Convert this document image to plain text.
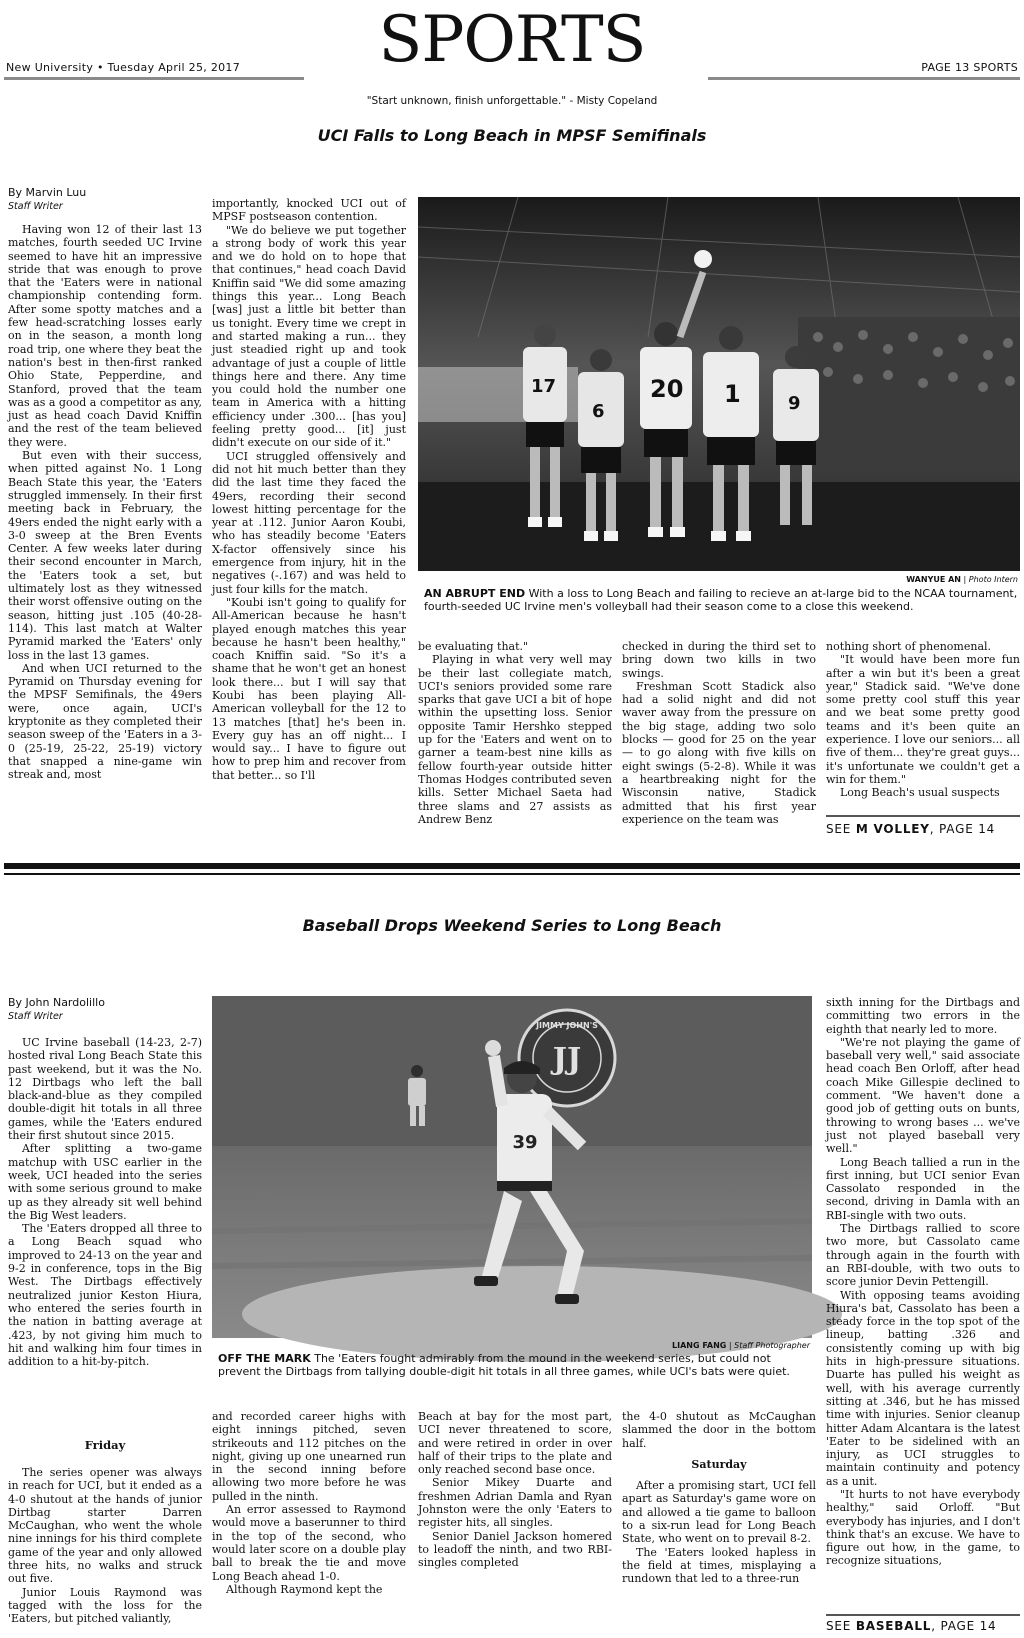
New University • Tuesday April 25, 2017	SPORTS
"Start unknown, finish unforgettable." - Misty Copeland
PAGE 13 SPORTS
UCI Falls to Long Beach in MPSF Semifinals
By Marvin Luu
Staff Writer

Having won 12 of their last 13 matches, fourth seeded UC Irvine seemed to have hit an impressive stride that was enough to prove that the 'Eaters were in national championship contending form. After some spotty matches and a few head-scratching losses early on in the season, a month long road trip, one where they beat the nation's best in then-first ranked Ohio State, Pepperdine, and Stanford, proved that the team was as a good a competitor as any, just as head coach David Kniffin and the rest of the team believed they were.

But even with their success, when pitted against No. 1 Long Beach State this year, the 'Eaters struggled immensely. In their first meeting back in February, the 49ers ended the night early with a 3-0 sweep at the Bren Events Center. A few weeks later during their second encounter in March, the 'Eaters took a set, but ultimately lost as they witnessed their worst offensive outing on the season, hitting just .105 (40-28-114). This last match at Walter Pyramid marked the 'Eaters' only loss in the last 13 games.

And when UCI returned to the Pyramid on Thursday evening for the MPSF Semifinals, the 49ers were, once again, UCI's kryptonite as they completed their season sweep of the 'Eaters in a 3-0 (25-19, 25-22, 25-19) victory that snapped a nine-game win streak and, most

importantly, knocked UCI out of MPSF postseason contention.

"We do believe we put together a strong body of work this year and we do hold on to hope that that continues," head coach David Kniffin said "We did some amazing things this year... Long Beach [was] just a little bit better than us tonight. Every time we crept in and started making a run... they just steadied right up and took advantage of just a couple of little things here and there. Any time you could hold the number one team in America with a hitting efficiency under .300... [has you] feeling pretty good... [it] just didn't execute on our side of it."

UCI struggled offensively and did not hit much better than they did the last time they faced the 49ers, recording their second lowest hitting percentage for the year at .112. Junior Aaron Koubi, who has steadily become 'Eaters X-factor offensively since his emergence from injury, hit in the negatives (-.167) and was held to just four kills for the match.

"Koubi isn't going to qualify for All-American because he hasn't played enough matches this year because he hasn't been healthy," coach Kniffin said. "So it's a shame that he won't get an honest look there... but I will say that Koubi has been playing All-American volleyball for the 12 to 13 matches [that] he's been in. Every guy has an off night... I would say... I have to figure out how to prep him and recover from that better... so I'll

17
6
20 1	9
WANYUE AN | Photo Intern
AN ABRUPT END With a loss to Long Beach and failing to recieve an at-large bid to the NCAA tournament, fourth-seeded UC Irvine men's volleyball had their season come to a close this weekend.

be evaluating that."

Playing in what very well may be their last collegiate match, UCI's seniors provided some rare sparks that gave UCI a bit of hope within the upsetting loss. Senior opposite Tamir Hershko stepped up for the 'Eaters and went on to garner a team-best nine kills as fellow fourth-year outside hitter Thomas Hodges contributed seven kills. Setter Michael Saeta had three slams and 27 assists as Andrew Benz

checked in during the third set to bring down two kills in two swings.

Freshman Scott Stadick also had a solid night and did not waver away from the pressure on the big stage, adding two solo blocks — good for 25 on the year — to go along with five kills on eight swings (5-2-8). While it was a heartbreaking night for the Wisconsin native, Stadick admitted that his first year experience on the team was

nothing short of phenomenal.

"It would have been more fun after a win but it's been a great year," Stadick said. "We've done some pretty cool stuff this year and we beat some pretty good teams and it's been quite an experience. I love our seniors... all five of them... they're great guys... it's unfortunate we couldn't get a win for them."

Long Beach's usual suspects

SEE M VOLLEY, PAGE 14
Baseball Drops Weekend Series to Long Beach
By John Nardolillo
Staff Writer

UC Irvine baseball (14-23, 2-7) hosted rival Long Beach State this past weekend, but it was the No. 12 Dirtbags who left the ball black-and-blue as they compiled double-digit hit totals in all three games, while the 'Eaters endured their first shutout since 2015.

After splitting a two-game matchup with USC earlier in the week, UCI headed into the series with some serious ground to make up as they already sit well behind the Big West leaders.

The 'Eaters dropped all three to a Long Beach squad who improved to 24-13 on the year and 9-2 in conference, tops in the Big West. The Dirtbags effectively neutralized junior Keston Hiura, who entered the series fourth in the nation in batting average at .423, by not giving him much to hit and walking him four times in addition to a hit-by-pitch.

Friday

The series opener was always in reach for UCI, but it ended as a 4-0 shutout at the hands of junior Dirtbag starter Darren McCaughan, who went the whole nine innings for his third complete game of the year and only allowed three hits, no walks and struck out five.

Junior Louis Raymond was tagged with the loss for the 'Eaters, but pitched valiantly,

JJ
JIMMY JOHN'S
39
LIANG FANG | Staff Photographer
OFF THE MARK The 'Eaters fought admirably from the mound in the weekend series, but could not prevent the Dirtbags from tallying double-digit hit totals in all three games, while UCI's bats were quiet.

and recorded career highs with eight innings pitched, seven strikeouts and 112 pitches on the night, giving up one unearned run in the second inning before allowing two more before he was pulled in the ninth.

An error assessed to Raymond would move a baserunner to third in the top of the second, who would later score on a double play ball to break the tie and move Long Beach ahead 1-0.

Although Raymond kept the

Beach at bay for the most part, UCI never threatened to score, and were retired in order in over half of their trips to the plate and only reached second base once.

Senior Mikey Duarte and freshmen Adrian Damla and Ryan Johnston were the only 'Eaters to register hits, all singles.

Senior Daniel Jackson homered to leadoff the ninth, and two RBI-singles completed

the 4-0 shutout as McCaughan slammed the door in the bottom half.

Saturday

After a promising start, UCI fell apart as Saturday's game wore on and allowed a tie game to balloon to a six-run lead for Long Beach State, who went on to prevail 8-2.

The 'Eaters looked hapless in the field at times, misplaying a rundown that led to a three-run

sixth inning for the Dirtbags and committing two errors in the eighth that nearly led to more.

"We're not playing the game of baseball very well," said associate head coach Ben Orloff, after head coach Mike Gillespie declined to comment. "We haven't done a good job of getting outs on bunts, throwing to wrong bases ... we've just not played baseball very well."

Long Beach tallied a run in the first inning, but UCI senior Evan Cassolato responded in the second, driving in Damla with an RBI-single with two outs.

The Dirtbags rallied to score two more, but Cassolato came through again in the fourth with an RBI-double, with two outs to score junior Devin Pettengill.

With opposing teams avoiding Hiura's bat, Cassolato has been a steady force in the top spot of the lineup, batting .326 and consistently coming up with big hits in high-pressure situations. Duarte has pulled his weight as well, with his average currently sitting at .346, but he has missed time with injuries. Senior cleanup hitter Adam Alcantara is the latest 'Eater to be sidelined with an injury, as UCI struggles to maintain continuity and potency as a unit.

"It hurts to not have everybody healthy," said Orloff. "But everybody has injuries, and I don't think that's an excuse. We have to figure out how, in the game, to recognize situations,

SEE BASEBALL, PAGE 14
